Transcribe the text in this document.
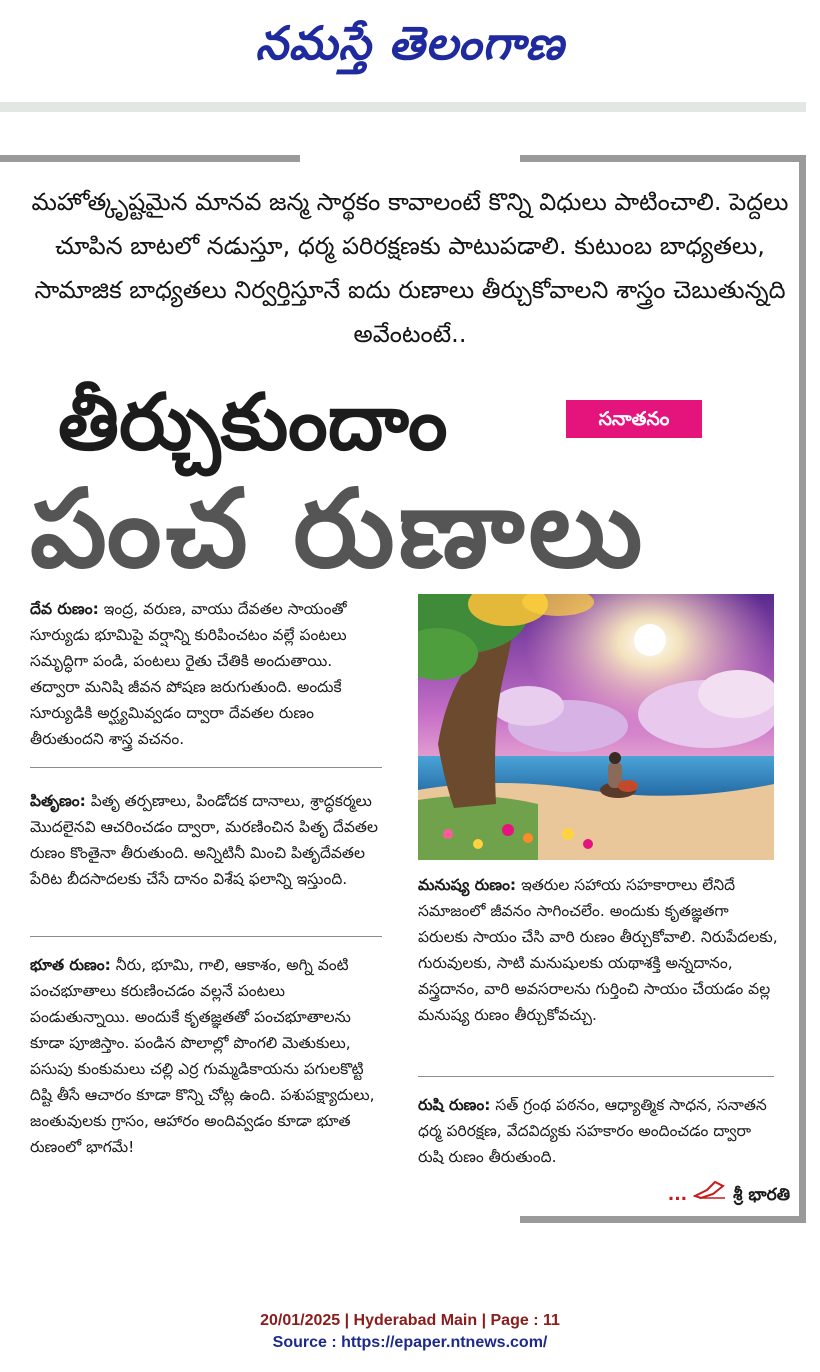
నమస్తే తెలంగాణ
మహోత్కృష్టమైన మానవ జన్మ సార్థకం కావాలంటే కొన్ని విధులు పాటించాలి. పెద్దలు చూపిన బాటలో నడుస్తూ, ధర్మ పరిరక్షణకు పాటుపడాలి. కుటుంబ బాధ్యతలు, సామాజిక బాధ్యతలు నిర్వర్తిస్తూనే ఐదు రుణాలు తీర్చుకోవాలని శాస్త్రం చెబుతున్నది అవేంటంటే..
తీర్చుకుందాం	సనాతనం
పంచ రుణాలు
దేవ రుణం: ఇంద్ర, వరుణ, వాయు దేవతల సాయంతో సూర్యుడు భూమిపై వర్షాన్ని కురిపించటం వల్లే పంటలు సమృద్ధిగా పండి, పంటలు రైతు చేతికి అందుతాయి. తద్వారా మనిషి జీవన పోషణ జరుగుతుంది. అందుకే సూర్యుడికి అర్ఘ్యమివ్వడం ద్వారా దేవతల రుణం తీరుతుందని శాస్త్ర వచనం.
పితృణం: పితృ తర్పణాలు, పిండోదక దానాలు, శ్రాద్ధకర్మలు మొదలైనవి ఆచరించడం ద్వారా, మరణించిన పితృ దేవతల రుణం కొంతైనా తీరుతుంది. అన్నిటినీ మించి పితృదేవతల పేరిట బీదసాదలకు చేసే దానం విశేష ఫలాన్ని ఇస్తుంది.
భూత రుణం: నీరు, భూమి, గాలి, ఆకాశం, అగ్ని వంటి పంచభూతాలు కరుణించడం వల్లనే పంటలు పండుతున్నాయి. అందుకే కృతజ్ఞతతో పంచభూతాలను కూడా పూజిస్తాం. పండిన పొలాల్లో పొంగలి మెతుకులు, పసుపు కుంకుమలు చల్లి ఎర్ర గుమ్మడికాయను పగులకొట్టి దిష్టి తీసే ఆచారం కూడా కొన్ని చోట్ల ఉంది. పశుపక్ష్యాదులు, జంతువులకు గ్రాసం, ఆహారం అందివ్వడం కూడా భూత రుణంలో భాగమే!
మనుష్య రుణం: ఇతరుల సహాయ సహకారాలు లేనిదే సమాజంలో జీవనం సాగించలేం. అందుకు కృతజ్ఞతగా పరులకు సాయం చేసి వారి రుణం తీర్చుకోవాలి. నిరుపేదలకు, గురువులకు, సాటి మనుషులకు యథాశక్తి అన్నదానం, వస్త్రదానం, వారి అవసరాలను గుర్తించి సాయం చేయడం వల్ల మనుష్య రుణం తీర్చుకోవచ్చు.
రుషి రుణం: సత్ గ్రంథ పఠనం, ఆధ్యాత్మిక సాధన, సనాతన ధర్మ పరిరక్షణ, వేదవిద్యకు సహకారం అందించడం ద్వారా రుషి రుణం తీరుతుంది.
...	శ్రీ భారతి
20/01/2025 | Hyderabad Main | Page : 11
Source : https://epaper.ntnews.com/
